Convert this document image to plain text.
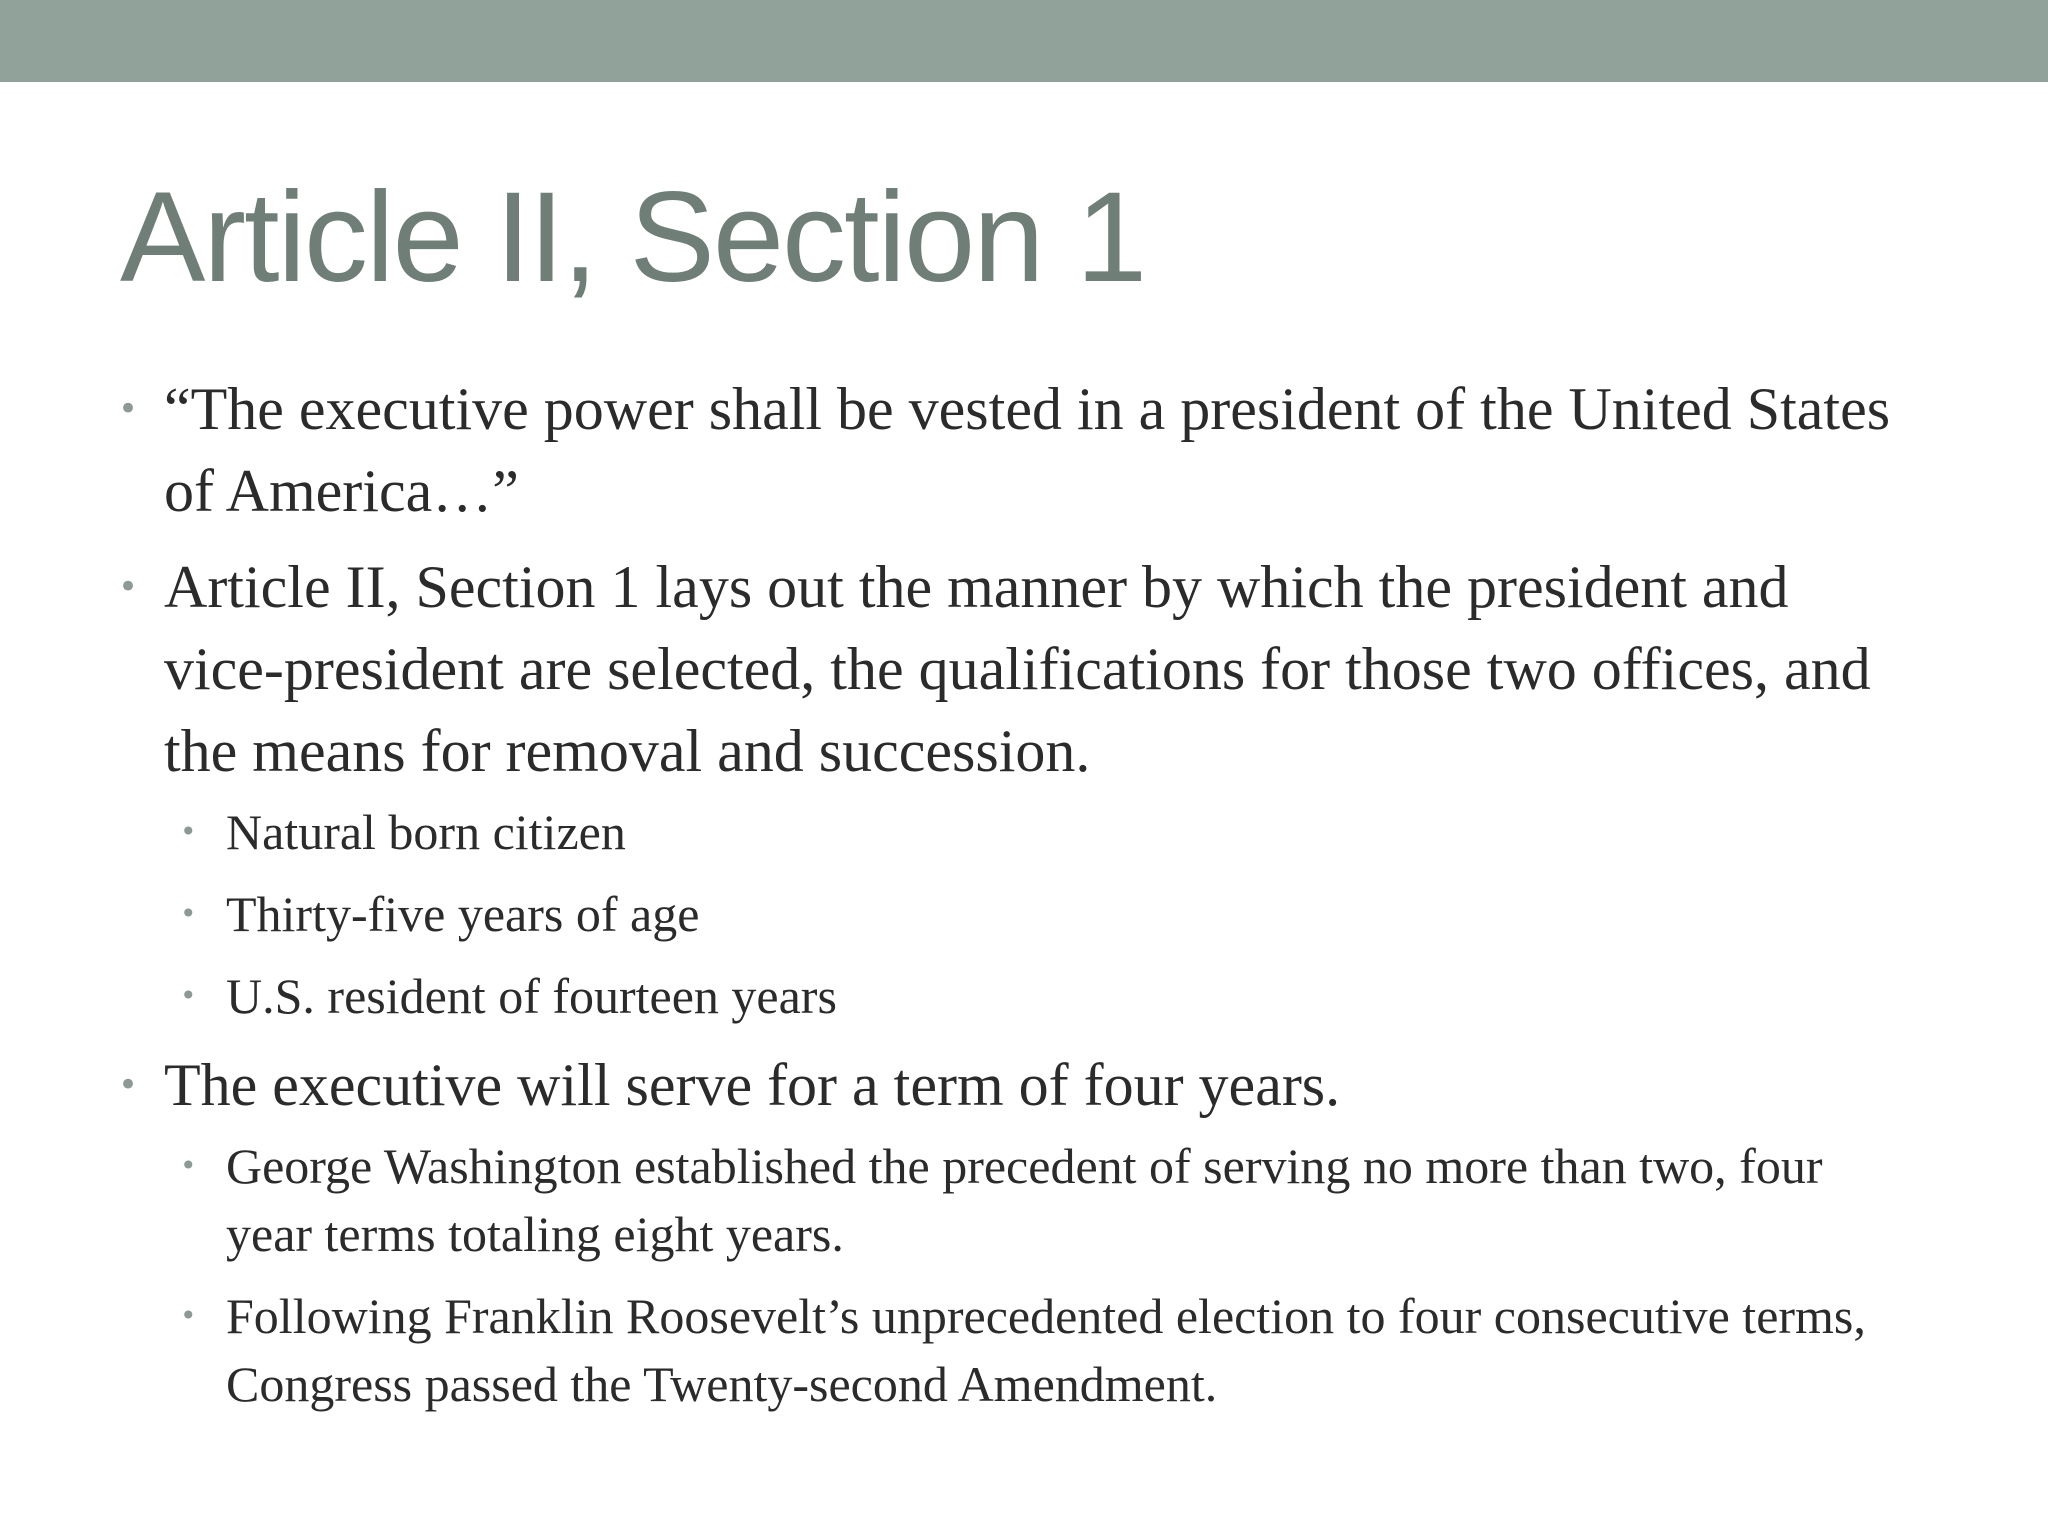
Article II, Section 1
• “The executive power shall be vested in a president of the United States of America…”
• Article II, Section 1 lays out the manner by which the president and vice-president are selected, the qualifications for those two offices, and the means for removal and succession.
• Natural born citizen
• Thirty-five years of age
• U.S. resident of fourteen years
• The executive will serve for a term of four years.
• George Washington established the precedent of serving no more than two, four year terms totaling eight years.
• Following Franklin Roosevelt’s unprecedented election to four consecutive terms, Congress passed the Twenty-second Amendment.
